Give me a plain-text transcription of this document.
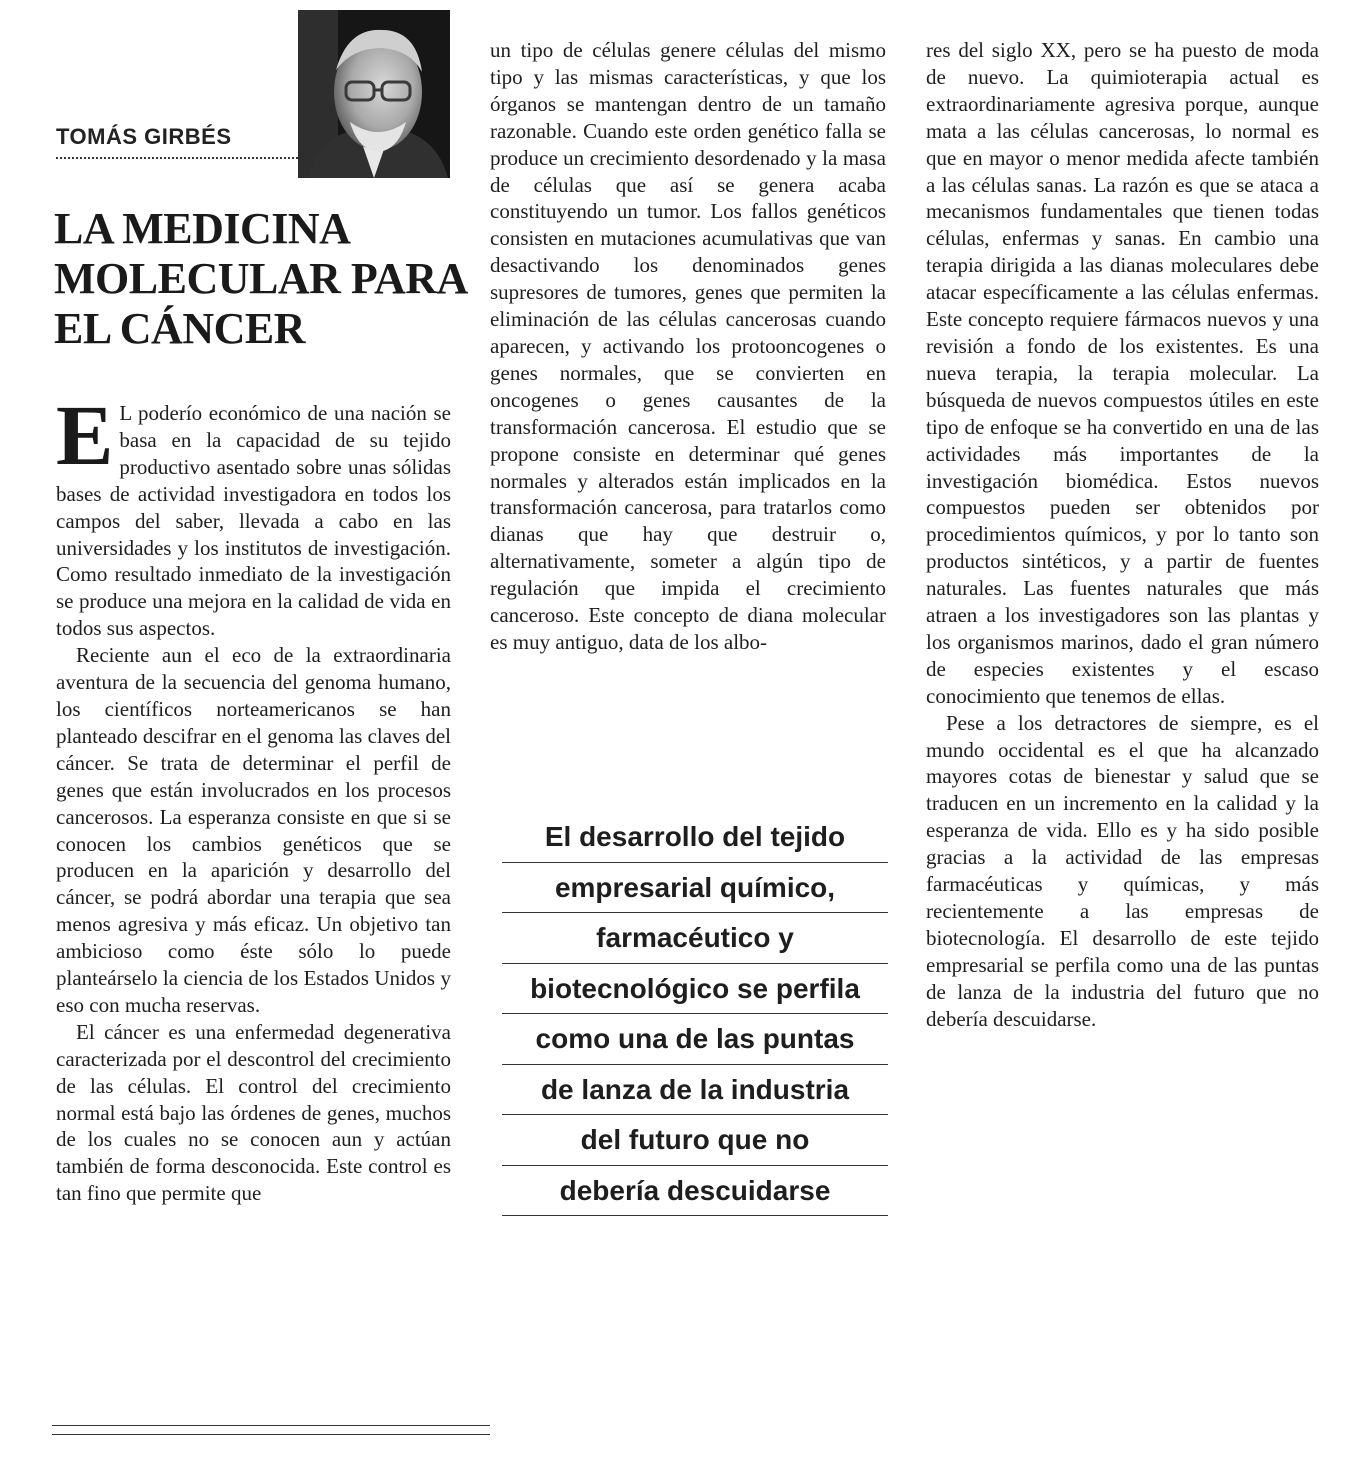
TOMÁS GIRBÉS
LA MEDICINA MOLECULAR PARA EL CÁNCER

E L poderío económico de una nación se basa en la capacidad de su tejido productivo asentado sobre unas sólidas bases de actividad investigadora en todos los campos del saber, llevada a cabo en las universidades y los institutos de investigación. Como resultado inmediato de la investigación se produce una mejora en la calidad de vida en todos sus aspectos.

Reciente aun el eco de la extraordinaria aventura de la secuencia del genoma humano, los científicos norteamericanos se han planteado descifrar en el genoma las claves del cáncer. Se trata de determinar el perfil de genes que están involucrados en los procesos cancerosos. La esperanza consiste en que si se conocen los cambios genéticos que se producen en la aparición y desarrollo del cáncer, se podrá abordar una terapia que sea menos agresiva y más eficaz. Un objetivo tan ambicioso como éste sólo lo puede planteárselo la ciencia de los Estados Unidos y eso con mucha reservas.

El cáncer es una enfermedad degenerativa caracterizada por el descontrol del crecimiento de las células. El control del crecimiento normal está bajo las órdenes de genes, muchos de los cuales no se conocen aun y actúan también de forma desconocida. Este control es tan fino que permite que

un tipo de células genere células del mismo tipo y las mismas características, y que los órganos se mantengan dentro de un tamaño razonable. Cuando este orden genético falla se produce un crecimiento desordenado y la masa de células que así se genera acaba constituyendo un tumor. Los fallos genéticos consisten en mutaciones acumulativas que van desactivando los denominados genes supresores de tumores, genes que permiten la eliminación de las células cancerosas cuando aparecen, y activando los protooncogenes o genes normales, que se convierten en oncogenes o genes causantes de la transformación cancerosa. El estudio que se propone consiste en determinar qué genes normales y alterados están implicados en la transformación cancerosa, para tratarlos como dianas que hay que destruir o, alternativamente, someter a algún tipo de regulación que impida el crecimiento canceroso. Este concepto de diana molecular es muy antiguo, data de los albo-

El desarrollo del tejido
empresarial químico,
farmacéutico y
biotecnológico se perfila
como una de las puntas
de lanza de la industria
del futuro que no
debería descuidarse

res del siglo XX, pero se ha puesto de moda de nuevo. La quimioterapia actual es extraordinariamente agresiva porque, aunque mata a las células cancerosas, lo normal es que en mayor o menor medida afecte también a las células sanas. La razón es que se ataca a mecanismos fundamentales que tienen todas células, enfermas y sanas. En cambio una terapia dirigida a las dianas moleculares debe atacar específicamente a las células enfermas. Este concepto requiere fármacos nuevos y una revisión a fondo de los existentes. Es una nueva terapia, la terapia molecular. La búsqueda de nuevos compuestos útiles en este tipo de enfoque se ha convertido en una de las actividades más importantes de la investigación biomédica. Estos nuevos compuestos pueden ser obtenidos por procedimientos químicos, y por lo tanto son productos sintéticos, y a partir de fuentes naturales. Las fuentes naturales que más atraen a los investigadores son las plantas y los organismos marinos, dado el gran número de especies existentes y el escaso conocimiento que tenemos de ellas.

Pese a los detractores de siempre, es el mundo occidental es el que ha alcanzado mayores cotas de bienestar y salud que se traducen en un incremento en la calidad y la esperanza de vida. Ello es y ha sido posible gracias a la actividad de las empresas farmacéuticas y químicas, y más recientemente a las empresas de biotecnología. El desarrollo de este tejido empresarial se perfila como una de las puntas de lanza de la industria del futuro que no debería descuidarse.
